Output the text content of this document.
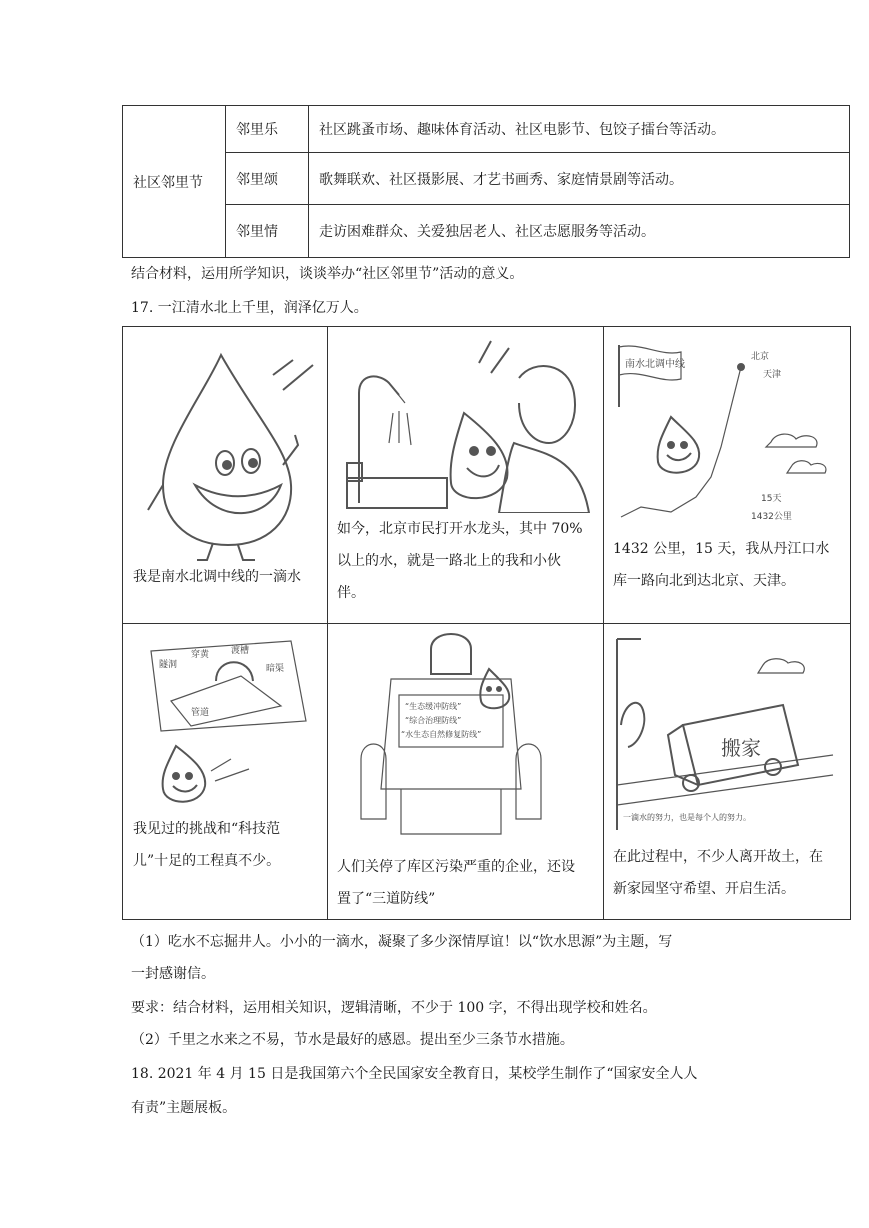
社区邻里节	邻里乐	社区跳蚤市场、趣味体育活动、社区电影节、包饺子擂台等活动。
	邻里颂	歌舞联欢、社区摄影展、才艺书画秀、家庭情景剧等活动。
	邻里情	走访困难群众、关爱独居老人、社区志愿服务等活动。
结合材料，运用所学知识，谈谈举办“社区邻里节”活动的意义。
17. 一江清水北上千里，润泽亿万人。
我是南水北调中线的一滴水
如今，北京市民打开水龙头，其中 70%
以上的水，就是一路北上的我和小伙
伴。
南水北调中线
北京
天津
15天
1432公里
1432 公里，15 天，我从丹江口水
库一路向北到达北京、天津。
隧洞
穿黄 渡槽
暗渠
管道
我见过的挑战和“科技范
儿”十足的工程真不少。
“生态缓冲防线”
“综合治理防线”
“水生态自然修复防线”
人们关停了库区污染严重的企业，还设
置了“三道防线”
搬家
一滴水的努力，也是每个人的努力。
在此过程中，不少人离开故土，在
新家园坚守希望、开启生活。
（1）吃水不忘掘井人。小小的一滴水，凝聚了多少深情厚谊！以“饮水思源”为主题，写
一封感谢信。
要求：结合材料，运用相关知识，逻辑清晰，不少于 100 字，不得出现学校和姓名。
（2）千里之水来之不易，节水是最好的感恩。提出至少三条节水措施。
18. 2021 年 4 月 15 日是我国第六个全民国家安全教育日，某校学生制作了“国家安全人人
有责”主题展板。
